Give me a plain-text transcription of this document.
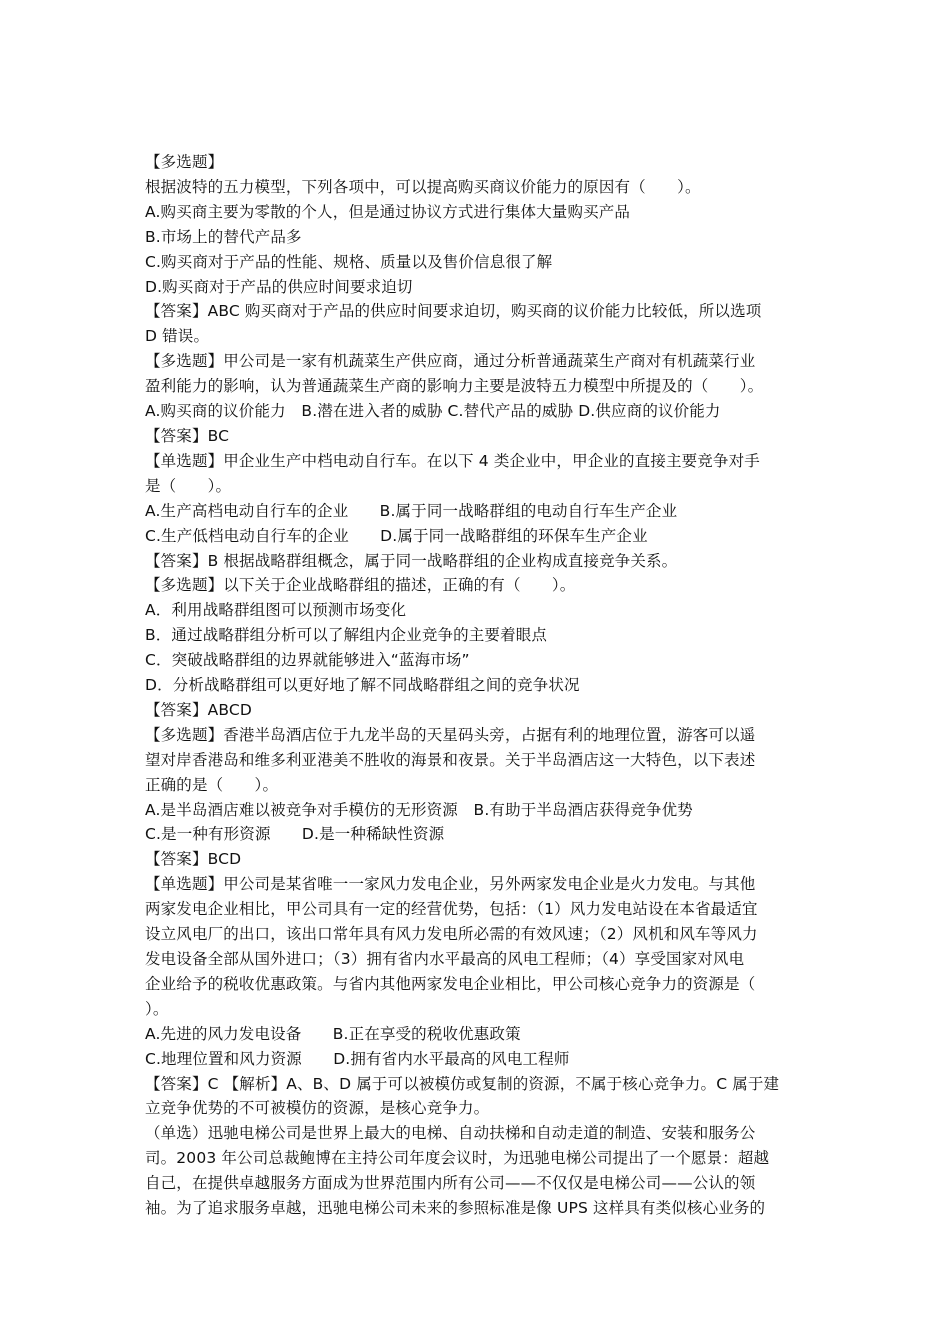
【多选题】
根据波特的五力模型，下列各项中，可以提高购买商议价能力的原因有（　　）。
A.购买商主要为零散的个人，但是通过协议方式进行集体大量购买产品
B.市场上的替代产品多
C.购买商对于产品的性能、规格、质量以及售价信息很了解
D.购买商对于产品的供应时间要求迫切
【答案】ABC 购买商对于产品的供应时间要求迫切，购买商的议价能力比较低，所以选项
D 错误。
【多选题】甲公司是一家有机蔬菜生产供应商，通过分析普通蔬菜生产商对有机蔬菜行业
盈利能力的影响，认为普通蔬菜生产商的影响力主要是波特五力模型中所提及的（　　）。
A.购买商的议价能力　B.潜在进入者的威胁 C.替代产品的威胁 D.供应商的议价能力
【答案】BC
【单选题】甲企业生产中档电动自行车。在以下 4 类企业中，甲企业的直接主要竞争对手
是（　　）。
A.生产高档电动自行车的企业　　B.属于同一战略群组的电动自行车生产企业
C.生产低档电动自行车的企业　　D.属于同一战略群组的环保车生产企业
【答案】B 根据战略群组概念，属于同一战略群组的企业构成直接竞争关系。
【多选题】以下关于企业战略群组的描述，正确的有（　　）。
A．利用战略群组图可以预测市场变化
B．通过战略群组分析可以了解组内企业竞争的主要着眼点
C．突破战略群组的边界就能够进入“蓝海市场”
D．分析战略群组可以更好地了解不同战略群组之间的竞争状况
【答案】ABCD
【多选题】香港半岛酒店位于九龙半岛的天星码头旁，占据有利的地理位置，游客可以遥
望对岸香港岛和维多利亚港美不胜收的海景和夜景。关于半岛酒店这一大特色，以下表述
正确的是（　　）。
A.是半岛酒店难以被竞争对手模仿的无形资源　B.有助于半岛酒店获得竞争优势
C.是一种有形资源　　D.是一种稀缺性资源
【答案】BCD
【单选题】甲公司是某省唯一一家风力发电企业，另外两家发电企业是火力发电。与其他
两家发电企业相比，甲公司具有一定的经营优势，包括：（1）风力发电站设在本省最适宜
设立风电厂的出口，该出口常年具有风力发电所必需的有效风速；（2）风机和风车等风力
发电设备全部从国外进口；（3）拥有省内水平最高的风电工程师；（4）享受国家对风电
企业给予的税收优惠政策。与省内其他两家发电企业相比，甲公司核心竞争力的资源是（
）。
A.先进的风力发电设备　　B.正在享受的税收优惠政策
C.地理位置和风力资源　　D.拥有省内水平最高的风电工程师
【答案】C 【解析】A、B、D 属于可以被模仿或复制的资源，不属于核心竞争力。C 属于建
立竞争优势的不可被模仿的资源，是核心竞争力。
（单选）迅驰电梯公司是世界上最大的电梯、自动扶梯和自动走道的制造、安装和服务公
司。2003 年公司总裁鲍博在主持公司年度会议时，为迅驰电梯公司提出了一个愿景：超越
自己，在提供卓越服务方面成为世界范围内所有公司——不仅仅是电梯公司——公认的领
袖。为了追求服务卓越，迅驰电梯公司未来的参照标准是像 UPS 这样具有类似核心业务的
